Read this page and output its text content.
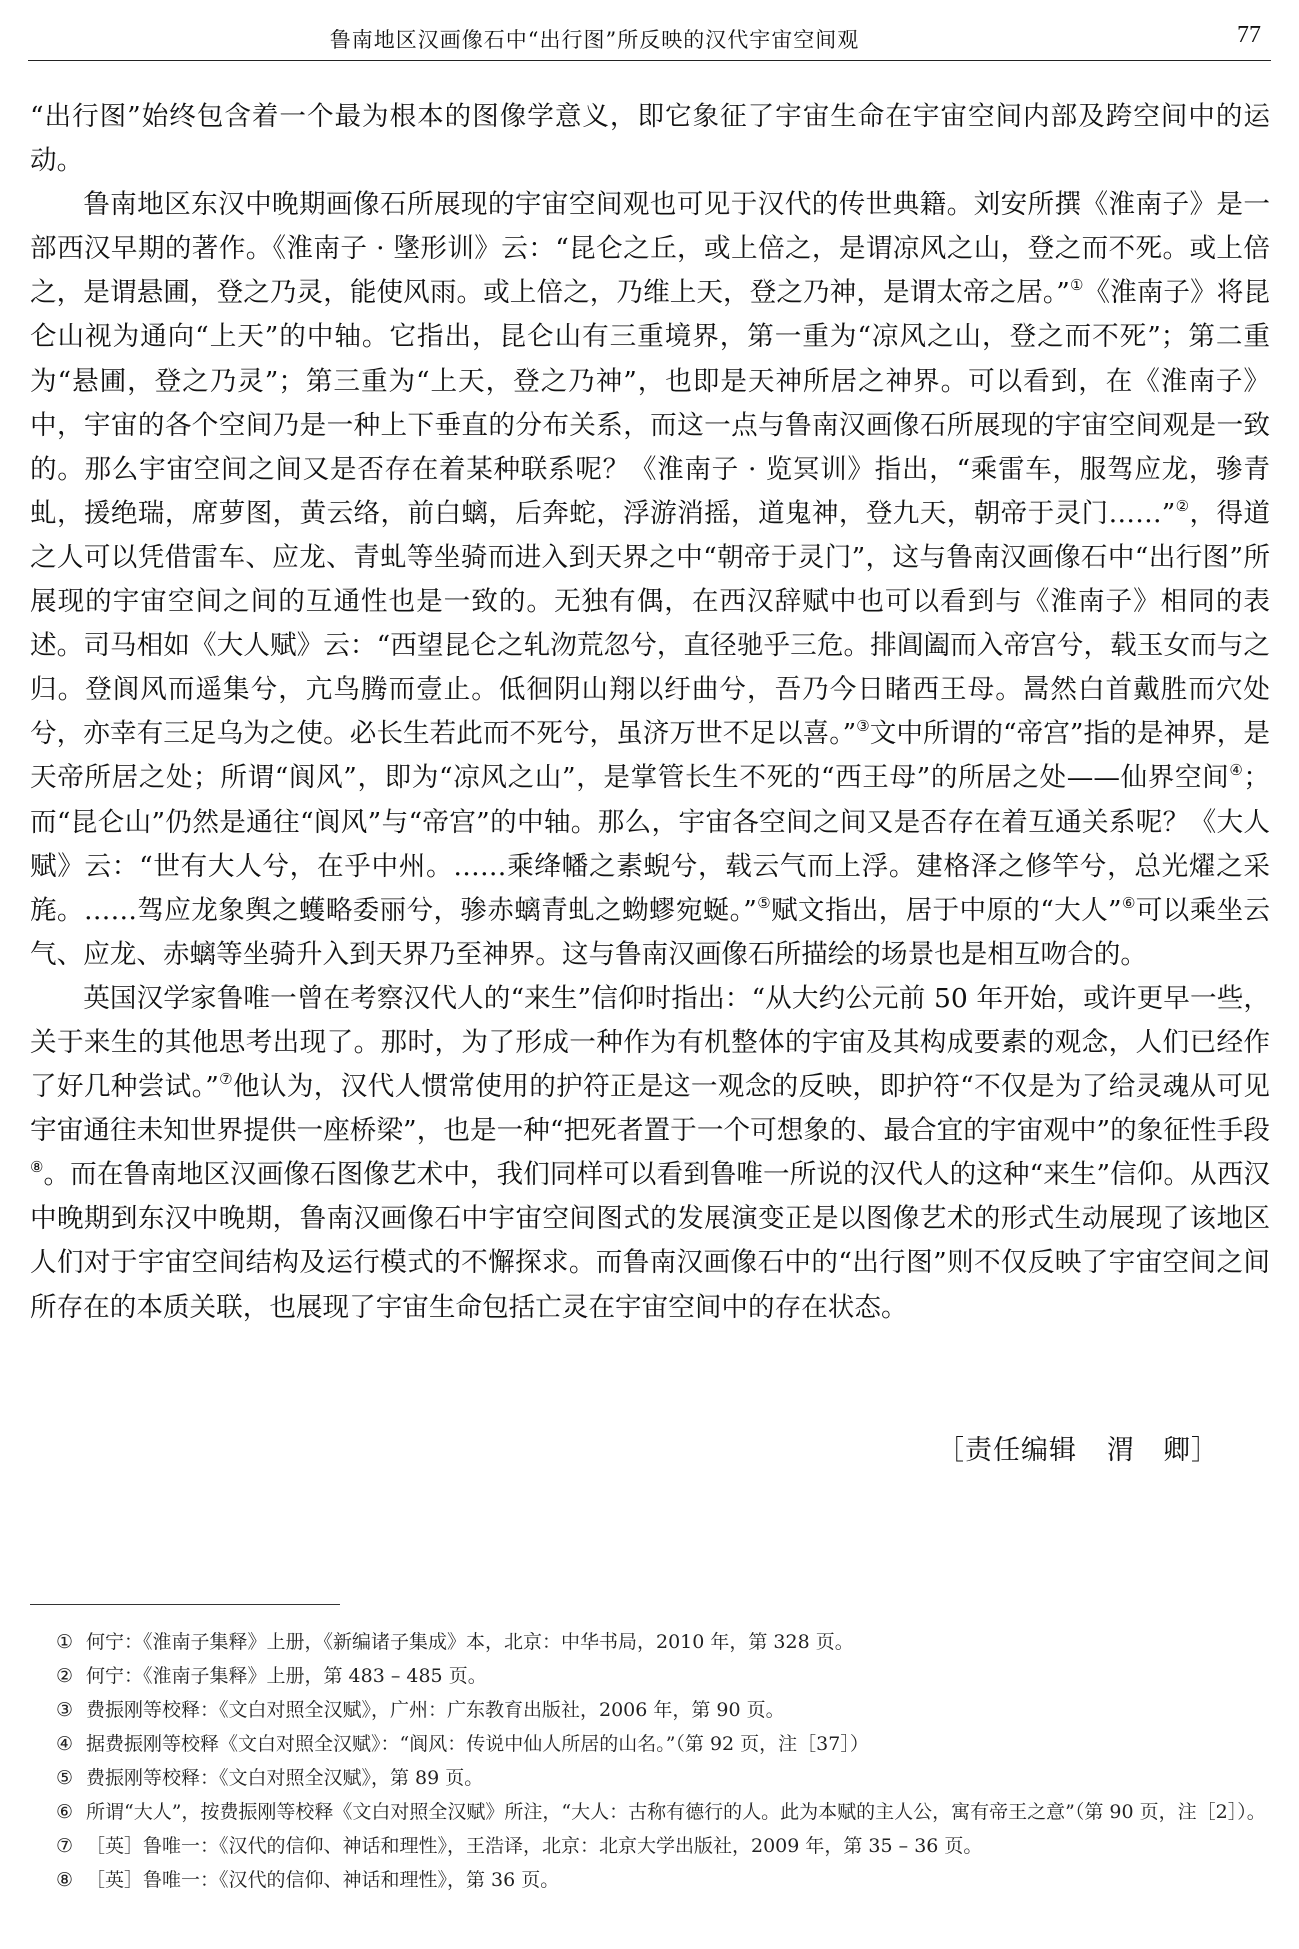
鲁南地区汉画像石中“出行图”所反映的汉代宇宙空间观	77

“出行图”始终包含着一个最为根本的图像学意义，即它象征了宇宙生命在宇宙空间内部及跨空间中的运动。

鲁南地区东汉中晚期画像石所展现的宇宙空间观也可见于汉代的传世典籍。刘安所撰《淮南子》是一部西汉早期的著作。《淮南子 · 墬形训》云：“昆仑之丘，或上倍之，是谓凉风之山，登之而不死。或上倍之，是谓悬圃，登之乃灵，能使风雨。或上倍之，乃维上天，登之乃神，是谓太帝之居。”①《淮南子》将昆仑山视为通向“上天”的中轴。它指出，昆仑山有三重境界，第一重为“凉风之山，登之而不死”；第二重为“悬圃，登之乃灵”；第三重为“上天，登之乃神”，也即是天神所居之神界。可以看到，在《淮南子》中，宇宙的各个空间乃是一种上下垂直的分布关系，而这一点与鲁南汉画像石所展现的宇宙空间观是一致的。那么宇宙空间之间又是否存在着某种联系呢？《淮南子 · 览冥训》指出，“乘雷车，服驾应龙，骖青虬，援绝瑞，席萝图，黄云络，前白螭，后奔蛇，浮游消摇，道鬼神，登九天，朝帝于灵门……”②，得道之人可以凭借雷车、应龙、青虬等坐骑而进入到天界之中“朝帝于灵门”，这与鲁南汉画像石中“出行图”所展现的宇宙空间之间的互通性也是一致的。无独有偶，在西汉辞赋中也可以看到与《淮南子》相同的表述。司马相如《大人赋》云：“西望昆仑之轧沕荒忽兮，直径驰乎三危。排阊阖而入帝宫兮，载玉女而与之归。登阆风而遥集兮，亢鸟腾而壹止。低徊阴山翔以纡曲兮，吾乃今日睹西王母。暠然白首戴胜而穴处兮，亦幸有三足乌为之使。必长生若此而不死兮，虽济万世不足以喜。”③文中所谓的“帝宫”指的是神界，是天帝所居之处；所谓“阆风”，即为“凉风之山”，是掌管长生不死的“西王母”的所居之处——仙界空间④；而“昆仑山”仍然是通往“阆风”与“帝宫”的中轴。那么，宇宙各空间之间又是否存在着互通关系呢？《大人赋》云：“世有大人兮，在乎中州。……乘绛幡之素蜺兮，载云气而上浮。建格泽之修竿兮，总光燿之采旄。……驾应龙象舆之蠖略委丽兮，骖赤螭青虬之蚴蟉宛蜒。”⑤赋文指出，居于中原的“大人”⑥可以乘坐云气、应龙、赤螭等坐骑升入到天界乃至神界。这与鲁南汉画像石所描绘的场景也是相互吻合的。

英国汉学家鲁唯一曾在考察汉代人的“来生”信仰时指出：“从大约公元前 50 年开始，或许更早一些，关于来生的其他思考出现了。那时，为了形成一种作为有机整体的宇宙及其构成要素的观念，人们已经作了好几种尝试。”⑦他认为，汉代人惯常使用的护符正是这一观念的反映，即护符“不仅是为了给灵魂从可见宇宙通往未知世界提供一座桥梁”，也是一种“把死者置于一个可想象的、最合宜的宇宙观中”的象征性手段⑧。而在鲁南地区汉画像石图像艺术中，我们同样可以看到鲁唯一所说的汉代人的这种“来生”信仰。从西汉中晚期到东汉中晚期，鲁南汉画像石中宇宙空间图式的发展演变正是以图像艺术的形式生动展现了该地区人们对于宇宙空间结构及运行模式的不懈探求。而鲁南汉画像石中的“出行图”则不仅反映了宇宙空间之间所存在的本质关联，也展现了宇宙生命包括亡灵在宇宙空间中的存在状态。

［责任编辑 渭　卿］

① 何宁：《淮南子集释》上册，《新编诸子集成》本，北京：中华书局，2010 年，第 328 页。

② 何宁：《淮南子集释》上册，第 483 – 485 页。

③ 费振刚等校释：《文白对照全汉赋》，广州：广东教育出版社，2006 年，第 90 页。

④ 据费振刚等校释《文白对照全汉赋》：“阆风：传说中仙人所居的山名。”（第 92 页，注［37］）

⑤ 费振刚等校释：《文白对照全汉赋》，第 89 页。

⑥ 所谓“大人”，按费振刚等校释《文白对照全汉赋》所注，“大人：古称有德行的人。此为本赋的主人公，寓有帝王之意”（第 90 页，注［2］）。

⑦ ［英］鲁唯一：《汉代的信仰、神话和理性》，王浩译，北京：北京大学出版社，2009 年，第 35 – 36 页。

⑧ ［英］鲁唯一：《汉代的信仰、神话和理性》，第 36 页。
